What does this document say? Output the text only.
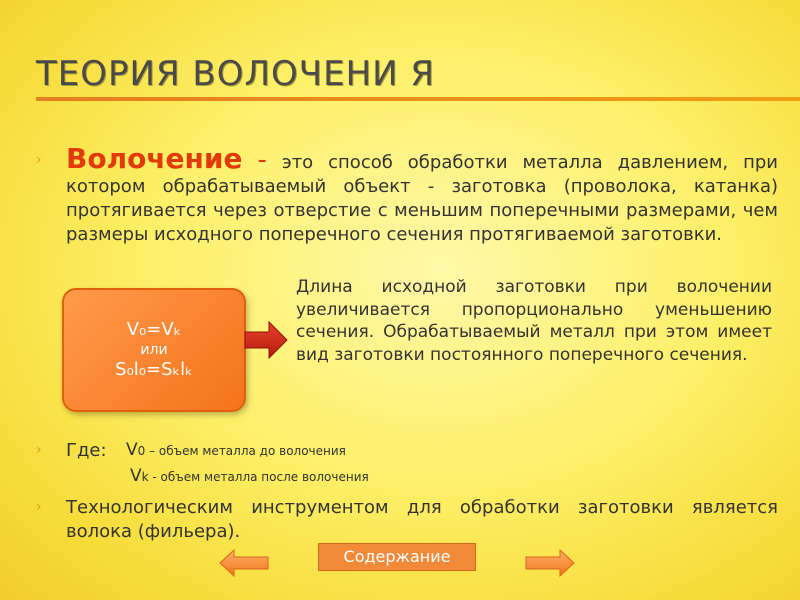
ТЕОРИЯ ВОЛОЧЕНИ Я
› Волочение - это способ обработки металла давлением, при котором обрабатываемый объект - заготовка (проволока, катанка) протягивается через отверстие с меньшим поперечными размерами, чем размеры исходного поперечного сечения протягиваемой заготовки.

V₀=Vₖ
или
S₀l₀=Sₖlₖ

Длина исходной заготовки при волочении увеличивается пропорционально уменьшению сечения. Обрабатываемый металл при этом имеет вид заготовки постоянного поперечного сечения.

› Где: V0 – объем металла до волочения
Vk - объем металла после волочения
› Технологическим инструментом для обработки заготовки является волока (фильера).

Содержание
